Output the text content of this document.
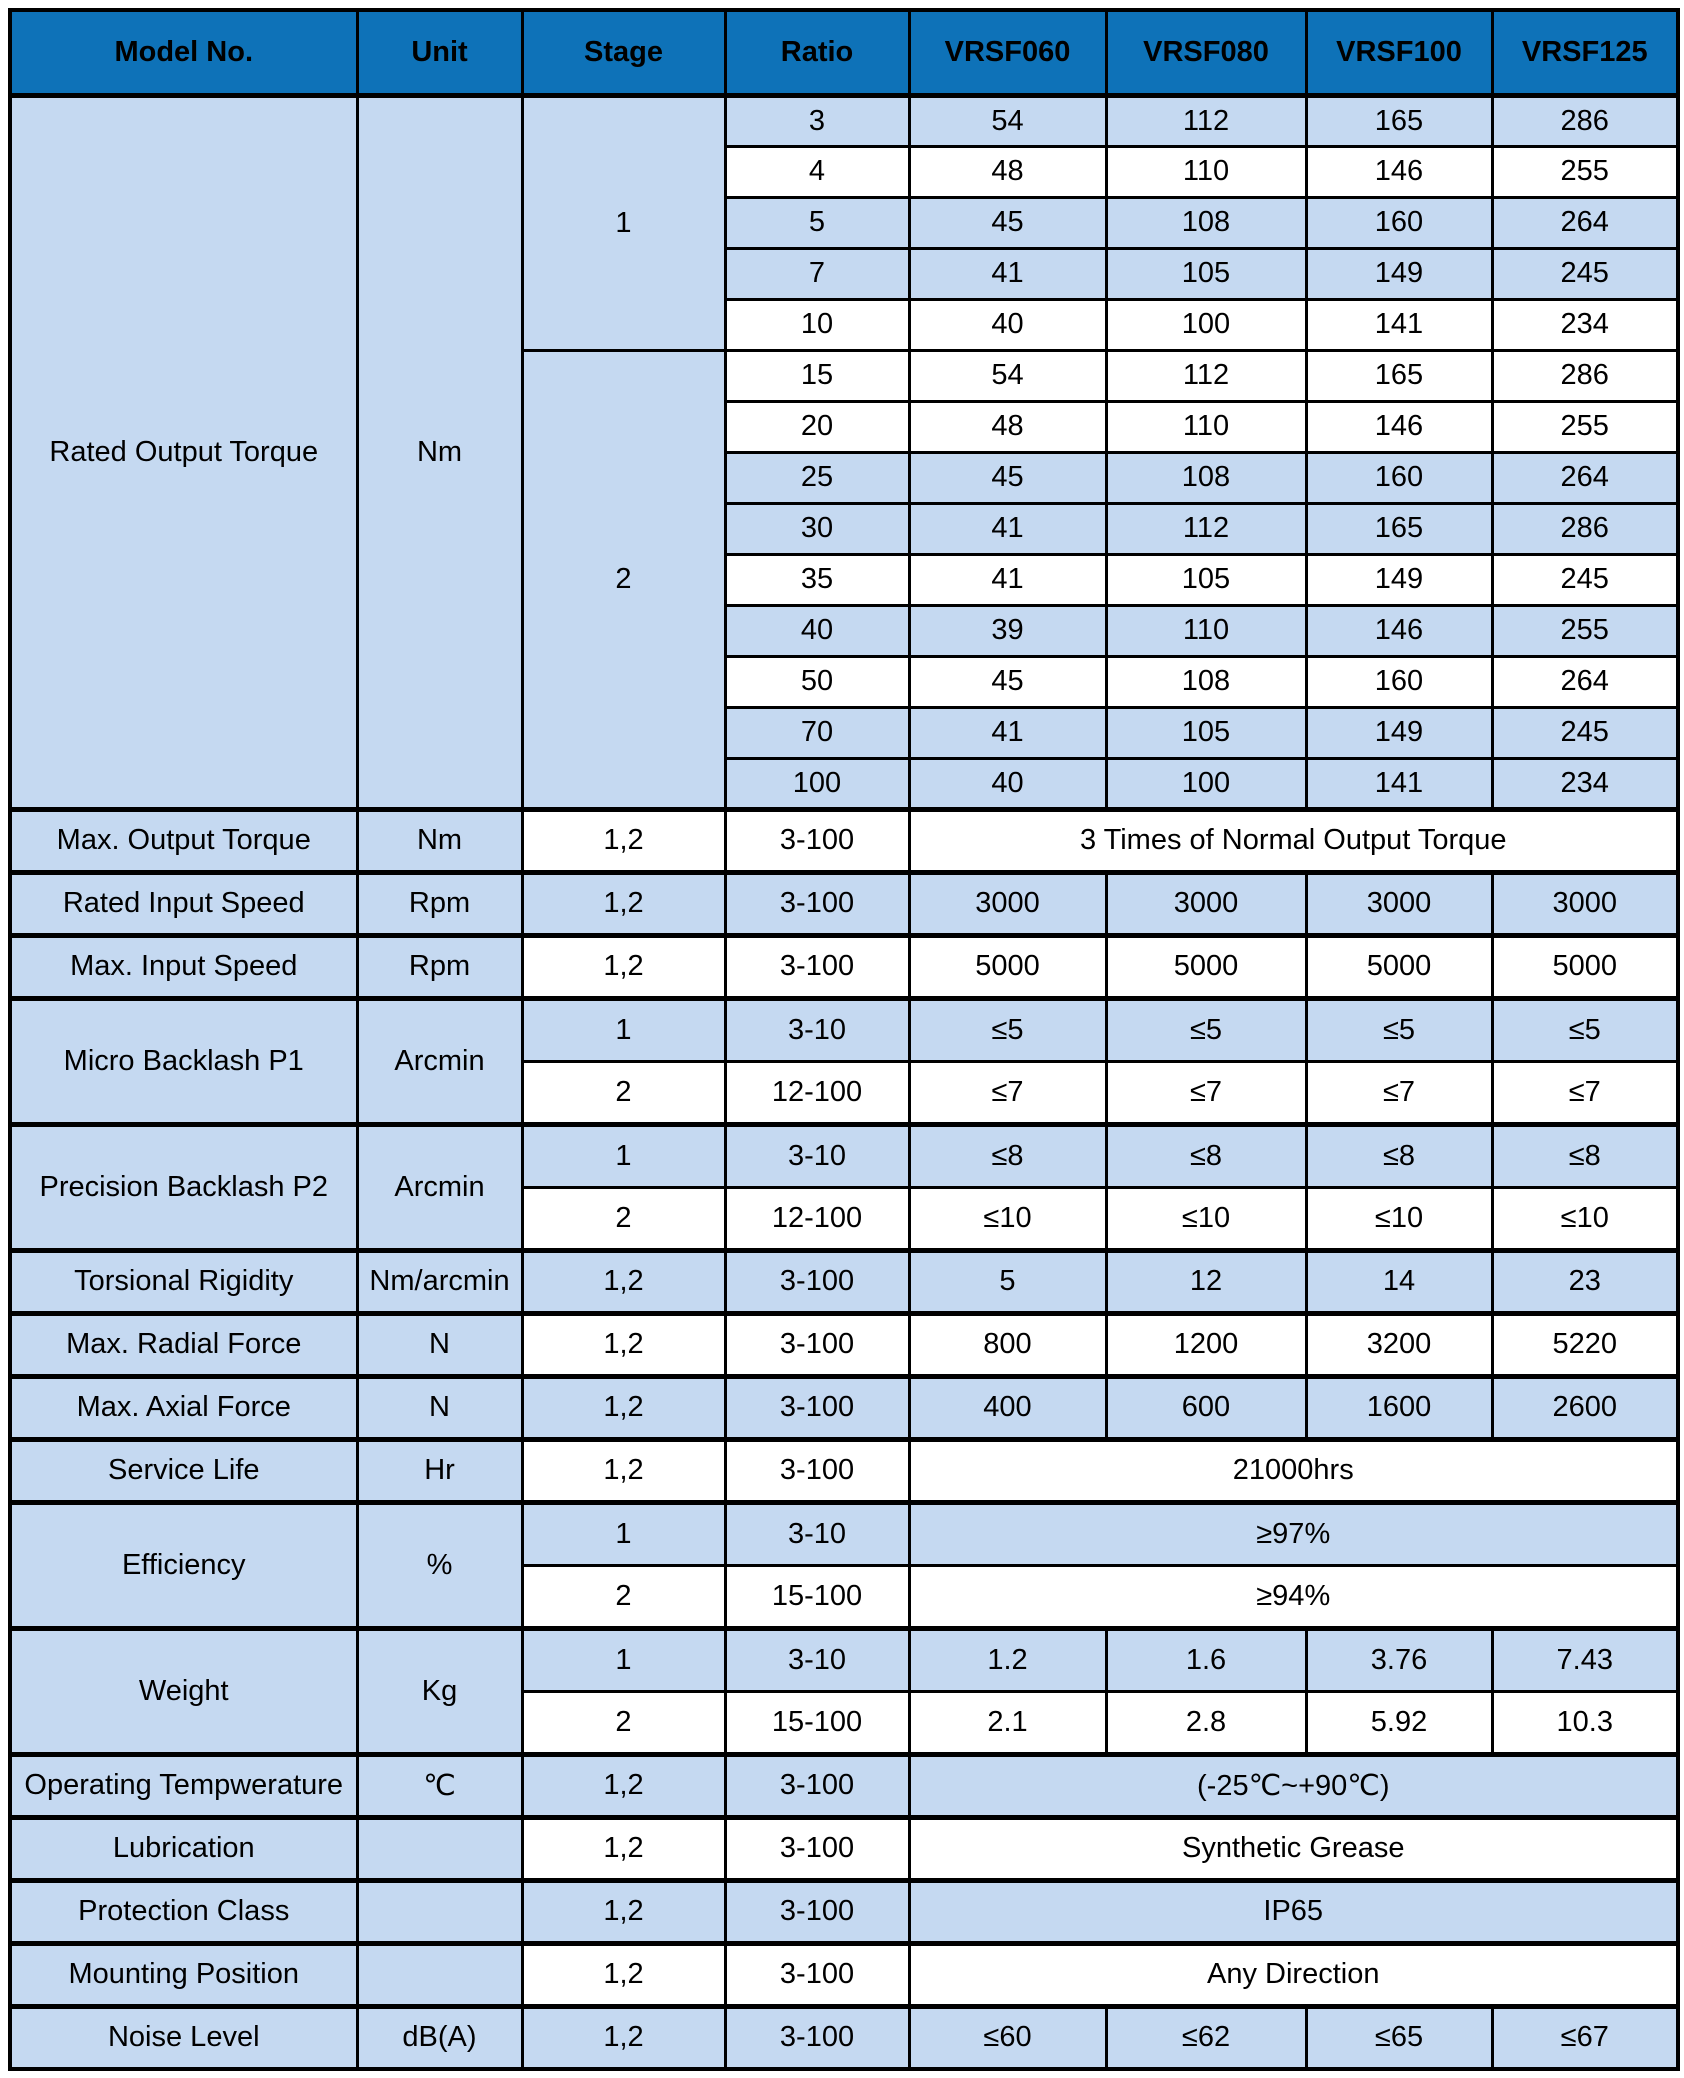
Model No.	Unit	Stage	Ratio	VRSF060	VRSF080	VRSF100	VRSF125
Rated Output Torque	Nm	1	3	54	112	165	286
			4	48	110	146	255
			5	45	108	160	264
			7	41	105	149	245
			10	40	100	141	234
		2	15	54	112	165	286
			20	48	110	146	255
			25	45	108	160	264
			30	41	112	165	286
			35	41	105	149	245
			40	39	110	146	255
			50	45	108	160	264
			70	41	105	149	245
			100	40	100	141	234
Max. Output Torque	Nm	1,2	3-100	3 Times of Normal Output Torque			
Rated Input Speed	Rpm	1,2	3-100	3000	3000	3000	3000
Max. Input Speed	Rpm	1,2	3-100	5000	5000	5000	5000
Micro Backlash P1	Arcmin	1	3-10	≤5	≤5	≤5	≤5
		2	12-100	≤7	≤7	≤7	≤7
Precision Backlash P2	Arcmin	1	3-10	≤8	≤8	≤8	≤8
		2	12-100	≤10	≤10	≤10	≤10
Torsional Rigidity	Nm/arcmin	1,2	3-100	5	12	14	23
Max. Radial Force	N	1,2	3-100	800	1200	3200	5220
Max. Axial Force	N	1,2	3-100	400	600	1600	2600
Service Life	Hr	1,2	3-100	21000hrs			
Efficiency	%	1	3-10	≥97%			
		2	15-100	≥94%			
Weight	Kg	1	3-10	1.2	1.6	3.76	7.43
		2	15-100	2.1	2.8	5.92	10.3
Operating Tempwerature	℃	1,2	3-100	(-25℃~+90℃)			
Lubrication		1,2	3-100	Synthetic Grease			
Protection Class		1,2	3-100	IP65			
Mounting Position		1,2	3-100	Any Direction			
Noise Level	dB(A)	1,2	3-100	≤60	≤62	≤65	≤67
